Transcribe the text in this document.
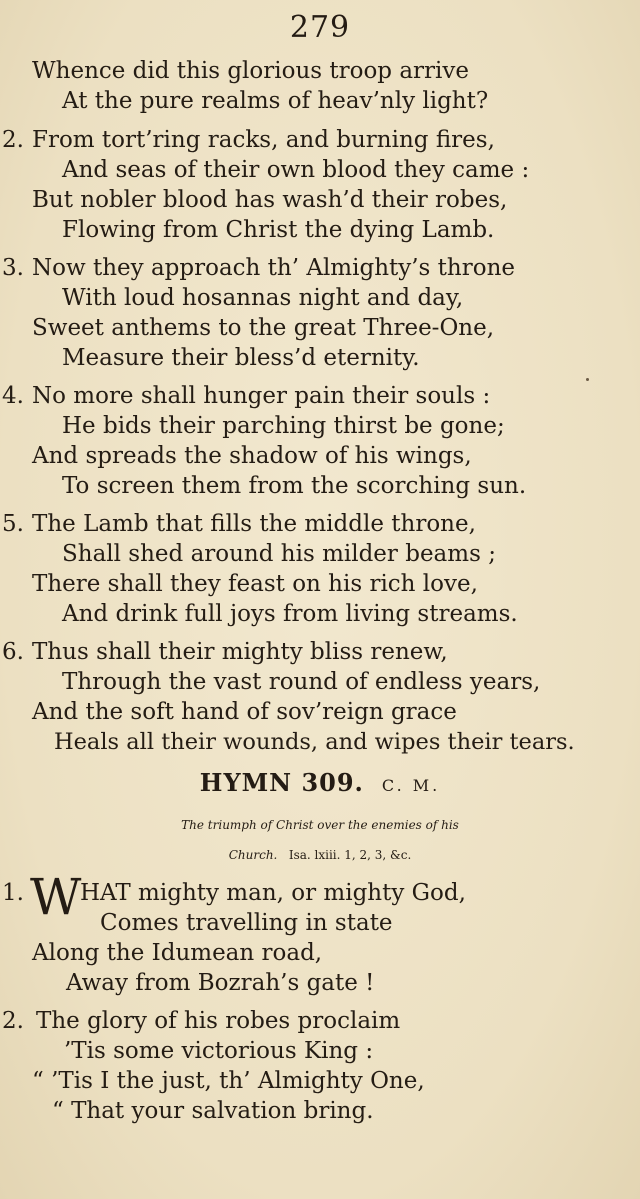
279
Whence did this glorious troop arrive
At the pure realms of heav’nly light?
2. From tort’ring racks, and burning fires,
And seas of their own blood they came :
But nobler blood has wash’d their robes,
Flowing from Christ the dying Lamb.
3. Now they approach th’ Almighty’s throne
With loud hosannas night and day,
Sweet anthems to the great Three-One,
Measure their bless’d eternity.
4. No more shall hunger pain their souls :
He bids their parching thirst be gone;
And spreads the shadow of his wings,
To screen them from the scorching sun.
5. The Lamb that fills the middle throne,
Shall shed around his milder beams ;
There shall they feast on his rich love,
And drink full joys from living streams.
6. Thus shall their mighty bliss renew,
Through the vast round of endless years,
And the soft hand of sov’reign grace
Heals all their wounds, and wipes their tears.
HYMN 309. C. M.
The triumph of Christ over the enemies of his
Church. Isa. lxiii. 1, 2, 3, &c.
1. W
HAT mighty man, or mighty God,
Comes travelling in state
Along the Idumean road,
Away from Bozrah’s gate !
2. The glory of his robes proclaim
’Tis some victorious King :
“ ’Tis I the just, th’ Almighty One,
“ That your salvation bring.
